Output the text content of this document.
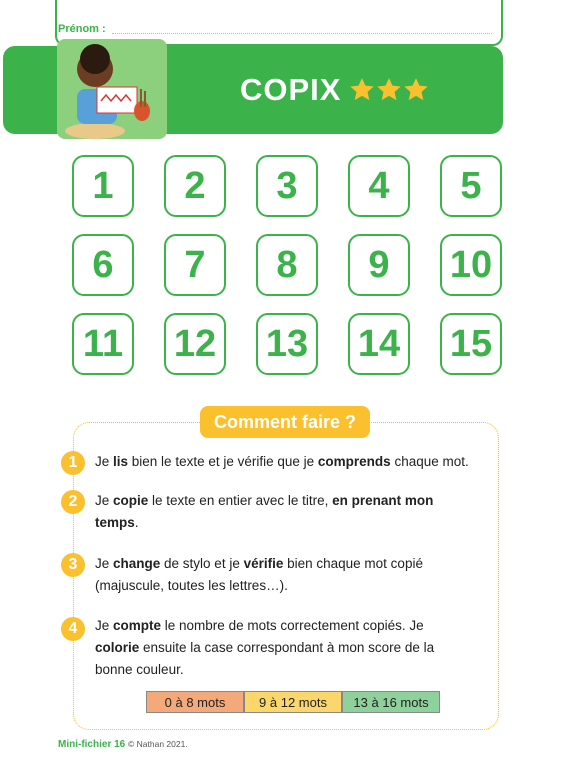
Prénom :
COPIX
1	2	3	4	5
6	7	8	9	10
11 12 13 14 15
Comment faire ?
1	Je lis bien le texte et je vérifie que je comprends chaque mot.
2	Je copie le texte en entier avec le titre, en prenant mon temps.
3	Je change de stylo et je vérifie bien chaque mot copié (majuscule, toutes les lettres…).
4	Je compte le nombre de mots correctement copiés. Je colorie ensuite la case correspondant à mon score de la bonne couleur.
0 à 8 mots	9 à 12 mots	13 à 16 mots
Mini-fichier 16 © Nathan 2021.
